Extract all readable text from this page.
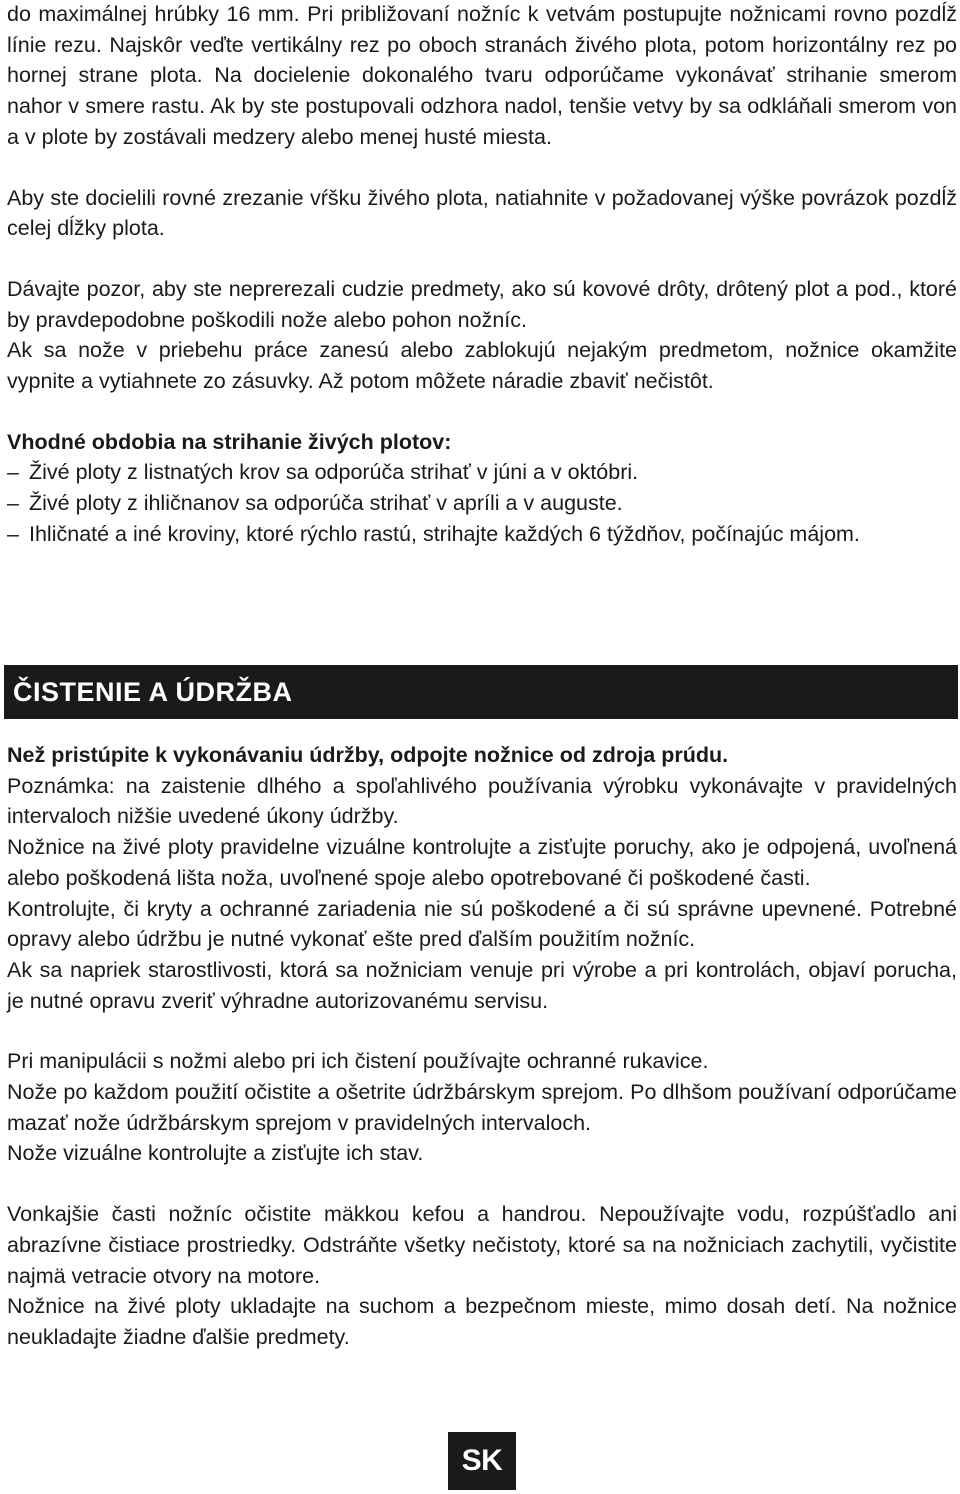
do maximálnej hrúbky 16 mm. Pri približovaní nožníc k vetvám postupujte nožnicami rovno pozdĺž línie rezu. Najskôr veďte vertikálny rez po oboch stranách živého plota, potom horizontálny rez po hornej strane plota. Na docielenie dokonalého tvaru odporúčame vykonávať strihanie smerom nahor v smere rastu. Ak by ste postupovali odzhora nadol, tenšie vetvy by sa odkláňali smerom von a v plote by zostávali medzery alebo menej husté miesta.

Aby ste docielili rovné zrezanie vŕšku živého plota, natiahnite v požadovanej výške povrázok pozdĺž celej dĺžky plota.

Dávajte pozor, aby ste neprerezali cudzie predmety, ako sú kovové drôty, drôtený plot a pod., ktoré by pravdepodobne poškodili nože alebo pohon nožníc.

Ak sa nože v priebehu práce zanesú alebo zablokujú nejakým predmetom, nožnice okamžite vypnite a vytiahnete zo zásuvky. Až potom môžete náradie zbaviť nečistôt.

Vhodné obdobia na strihanie živých plotov:

– Živé ploty z listnatých krov sa odporúča strihať v júni a v októbri.
– Živé ploty z ihličnanov sa odporúča strihať v apríli a v auguste.
– Ihličnaté a iné kroviny, ktoré rýchlo rastú, strihajte každých 6 týždňov, počínajúc májom.
ČISTENIE A ÚDRŽBA

Než pristúpite k vykonávaniu údržby, odpojte nožnice od zdroja prúdu.

Poznámka: na zaistenie dlhého a spoľahlivého používania výrobku vykonávajte v pravidelných intervaloch nižšie uvedené úkony údržby.

Nožnice na živé ploty pravidelne vizuálne kontrolujte a zisťujte poruchy, ako je odpojená, uvoľnená alebo poškodená lišta noža, uvoľnené spoje alebo opotrebované či poškodené časti.

Kontrolujte, či kryty a ochranné zariadenia nie sú poškodené a či sú správne upevnené. Potrebné opravy alebo údržbu je nutné vykonať ešte pred ďalším použitím nožníc.

Ak sa napriek starostlivosti, ktorá sa nožniciam venuje pri výrobe a pri kontrolách, objaví porucha, je nutné opravu zveriť výhradne autorizovanému servisu.

Pri manipulácii s nožmi alebo pri ich čistení používajte ochranné rukavice.

Nože po každom použití očistite a ošetrite údržbárskym sprejom. Po dlhšom používaní odporúčame mazať nože údržbárskym sprejom v pravidelných intervaloch.

Nože vizuálne kontrolujte a zisťujte ich stav.

Vonkajšie časti nožníc očistite mäkkou kefou a handrou. Nepoužívajte vodu, rozpúšťadlo ani abrazívne čistiace prostriedky. Odstráňte všetky nečistoty, ktoré sa na nožniciach zachytili, vyčistite najmä vetracie otvory na motore.

Nožnice na živé ploty ukladajte na suchom a bezpečnom mieste, mimo dosah detí. Na nožnice neukladajte žiadne ďalšie predmety.

SK
